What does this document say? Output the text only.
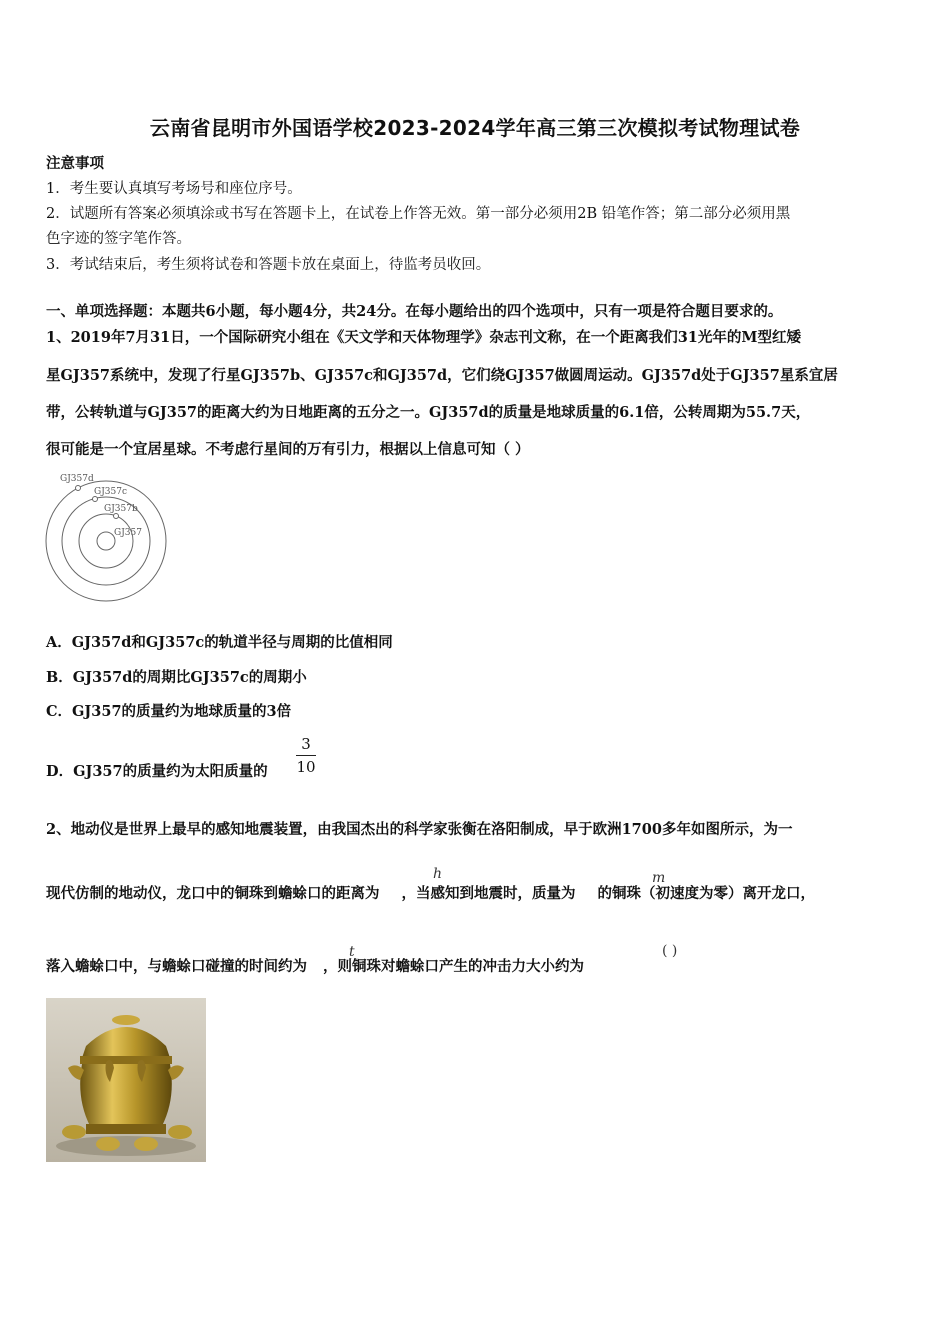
云南省昆明市外国语学校2023-2024学年高三第三次模拟考试物理试卷
注意事项
1．考生要认真填写考场号和座位序号。
2．试题所有答案必须填涂或书写在答题卡上，在试卷上作答无效。第一部分必须用2B 铅笔作答；第二部分必须用黑
色字迹的签字笔作答。
3．考试结束后，考生须将试卷和答题卡放在桌面上，待监考员收回。
一、单项选择题：本题共6小题，每小题4分，共24分。在每小题给出的四个选项中，只有一项是符合题目要求的。
1、2019年7月31日，一个国际研究小组在《天文学和天体物理学》杂志刊文称，在一个距离我们31光年的M型红矮
星GJ357系统中，发现了行星GJ357b、GJ357c和GJ357d，它们绕GJ357做圆周运动。GJ357d处于GJ357星系宜居
带，公转轨道与GJ357的距离大约为日地距离的五分之一。GJ357d的质量是地球质量的6.1倍，公转周期为55.7天，
很可能是一个宜居星球。不考虑行星间的万有引力，根据以上信息可知（ ）
GJ357d
GJ357c
GJ357b
GJ357
A．GJ357d和GJ357c的轨道半径与周期的比值相同
B．GJ357d的周期比GJ357c的周期小
C．GJ357的质量约为地球质量的3倍
D．GJ357的质量约为太阳质量的 $\frac{3}{10}$
2、地动仪是世界上最早的感知地震装置，由我国杰出的科学家张衡在洛阳制成，早于欧洲1700多年如图所示，为一
现代仿制的地动仪，龙口中的铜珠到蟾蜍口的距离为 ，当感知到地震时，质量为 的铜珠（初速度为零）离开龙口，
h	m
落入蟾蜍口中，与蟾蜍口碰撞的时间约为 ，则铜珠对蟾蜍口产生的冲击力大小约为
t	( )
